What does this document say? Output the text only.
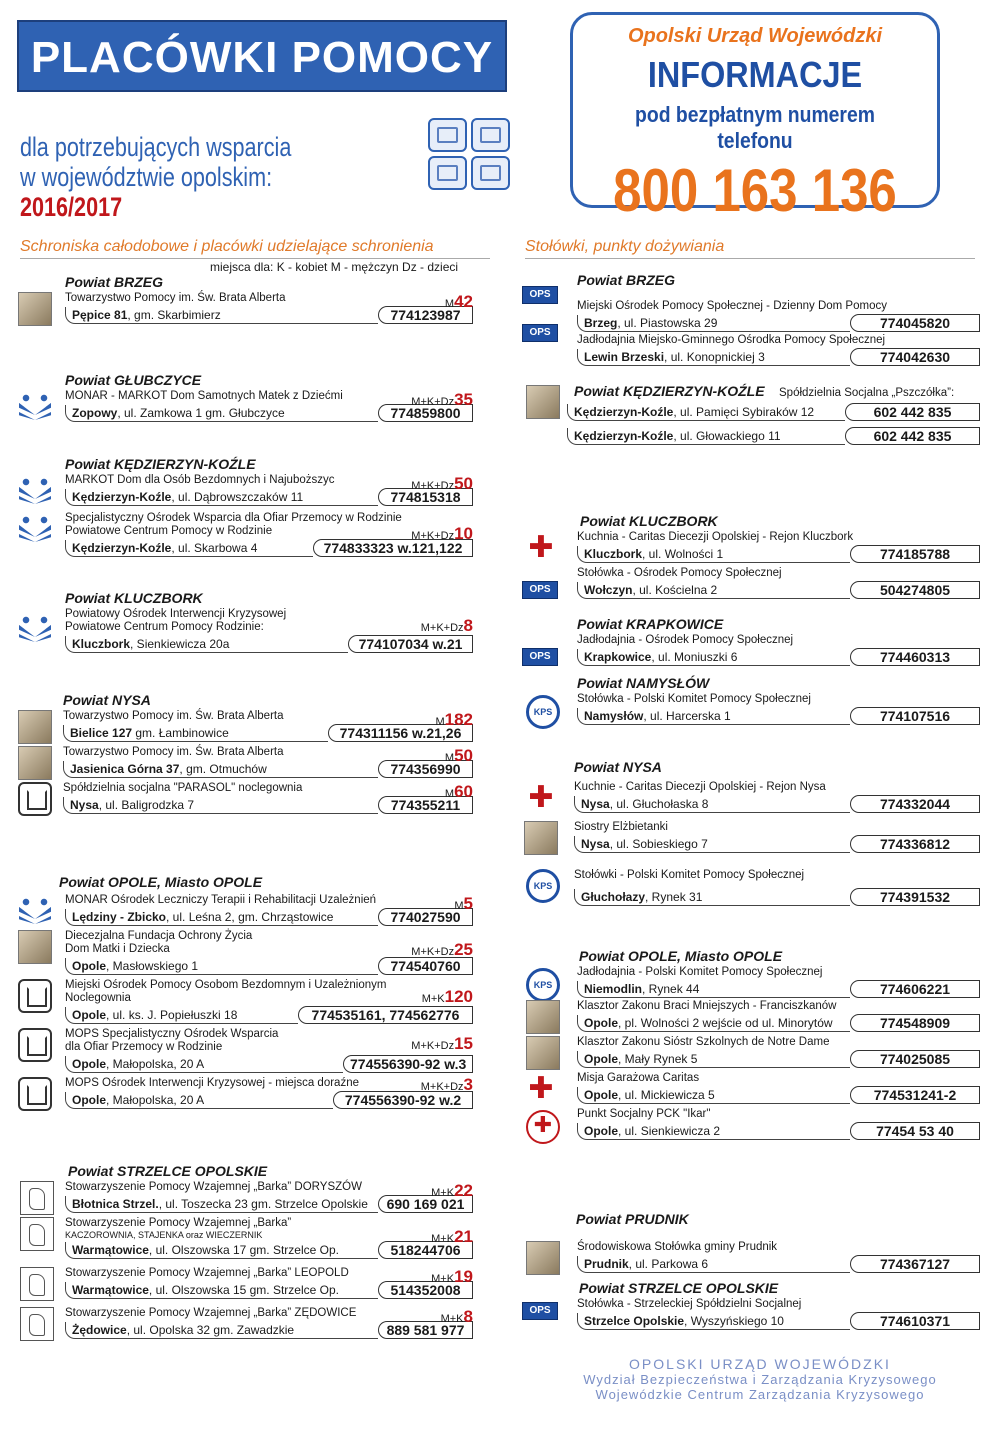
PLACÓWKI POMOCY
dla potrzebujących wsparcia
w województwie opolskim: 2016/2017
Opolski Urząd Wojewódzki
INFORMACJE
pod bezpłatnym numerem telefonu
800 163 136
Schroniska całodobowe i placówki udzielające schronienia
miejsca dla: K - kobiet M - mężczyn Dz - dzieci
Stołówki, punkty dożywiania
Powiat BRZEG
M42
Towarzystwo Pomocy im. Św. Brata Alberta
Pępice 81, gm. Skarbimierz	774123987
Powiat GŁUBCZYCE
M+K+Dz35
MONAR - MARKOT Dom Samotnych Matek z Dziećmi
Zopowy, ul. Zamkowa 1 gm. Głubczyce	774859800
Powiat KĘDZIERZYN-KOŹLE
M+K+Dz50
MARKOT Dom dla Osób Bezdomnych i Najuboższyc
Kędzierzyn-Koźle, ul. Dąbrowszczaków 11	774815318
M+K+Dz10
Specjalistyczny Ośrodek Wsparcia dla Ofiar Przemocy w Rodzinie
Powiatowe Centrum Pomocy w Rodzinie
Kędzierzyn-Koźle, ul. Skarbowa 4	774833323 w.121,122
Powiat KLUCZBORK
M+K+Dz8
Powiatowy Ośrodek Interwencji Kryzysowej
Powiatowe Centrum Pomocy Rodzinie:
Kluczbork, Sienkiewicza 20a	774107034 w.21
Powiat NYSA
M182
Towarzystwo Pomocy im. Św. Brata Alberta
Bielice 127 gm. Łambinowice	774311156 w.21,26
M50
Towarzystwo Pomocy im. Św. Brata Alberta
Jasienica Górna 37, gm. Otmuchów	774356990
M60
Spółdzielnia socjalna "PARASOL" noclegownia
Nysa, ul. Baligrodzka 7	774355211
Powiat OPOLE, Miasto OPOLE
M5
MONAR Ośrodek Leczniczy Terapii i Rehabilitacji Uzależnień
Lędziny - Zbicko, ul. Leśna 2, gm. Chrząstowice	774027590
M+K+Dz25
Diecezjalna Fundacja Ochrony Życia
Dom Matki i Dziecka
Opole, Masłowskiego 1	774540760
M+K120
Miejski Ośrodek Pomocy Osobom Bezdomnym i Uzależnionym
Noclegownia
Opole, ul. ks. J. Popiełuszki 18	774535161, 774562776
M+K+Dz15
MOPS Specjalistyczny Ośrodek Wsparcia
dla Ofiar Przemocy w Rodzinie
Opole, Małopolska, 20 A	774556390-92 w.3
M+K+Dz3
MOPS Ośrodek Interwencji Kryzysowej - miejsca doraźne
Opole, Małopolska, 20 A	774556390-92 w.2
Powiat STRZELCE OPOLSKIE
M+K22
Stowarzyszenie Pomocy Wzajemnej „Barka” DORYSZÓW
Błotnica Strzel., ul. Toszecka 23 gm. Strzelce Opolskie	690 169 021
M+K21
Stowarzyszenie Pomocy Wzajemnej „Barka”
KACZOROWNIA, STAJENKA oraz WIECZERNIK
Warmątowice, ul. Olszowska 17 gm. Strzelce Op.	518244706
M+K19
Stowarzyszenie Pomocy Wzajemnej „Barka” LEOPOLD
Warmątowice, ul. Olszowska 15 gm. Strzelce Op.	514352008
M+K8
Stowarzyszenie Pomocy Wzajemnej „Barka” ZĘDOWICE
Żędowice, ul. Opolska 32 gm. Zawadzkie	889 581 977
Powiat BRZEG
OPS
Miejski Ośrodek Pomocy Społecznej - Dzienny Dom Pomocy
Brzeg, ul. Piastowska 29	774045820
OPS
Jadłodajnia Miejsko-Gminnego Ośrodka Pomocy Społecznej
Lewin Brzeski, ul. Konopnickiej 3	774042630
Powiat KĘDZIERZYN-KOŹLE Spółdzielnia Socjalna „Pszczółka”:
Kędzierzyn-Koźle, ul. Pamięci Sybiraków 12	602 442 835
Kędzierzyn-Koźle, ul. Głowackiego 11	602 442 835
Powiat KLUCZBORK
✚	Kuchnia - Caritas Diecezji Opolskiej - Rejon Kluczbork
Kluczbork, ul. Wolności 1	774185788
OPS
Stołówka - Ośrodek Pomocy Społecznej
Wołczyn, ul. Kościelna 2	504274805
Powiat KRAPKOWICE
OPS
Jadłodajnia - Ośrodek Pomocy Społecznej
Krapkowice, ul. Moniuszki 6	774460313
Powiat NAMYSŁÓW
KPS
Stołówka - Polski Komitet Pomocy Społecznej
Namysłów, ul. Harcerska 1	774107516
Powiat NYSA
✚	Kuchnie - Caritas Diecezji Opolskiej - Rejon Nysa
Nysa, ul. Głuchołaska 8	774332044
Siostry Elżbietanki
Nysa, ul. Sobieskiego 7	774336812
KPS
Stołówki - Polski Komitet Pomocy Społecznej
Głuchołazy, Rynek 31	774391532
Powiat OPOLE, Miasto OPOLE
KPS
Jadłodajnia - Polski Komitet Pomocy Społecznej
Niemodlin, Rynek 44	774606221
Klasztor Zakonu Braci Mniejszych - Franciszkanów
Opole, pl. Wolności 2 wejście od ul. Minorytów	774548909
Klasztor Zakonu Sióstr Szkolnych de Notre Dame
Opole, Mały Rynek 5	774025085
✚	Misja Garażowa Caritas
Opole, ul. Mickiewicza 5	774531241-2
✚	Punkt Socjalny PCK "Ikar"
Opole, ul. Sienkiewicza 2	77454 53 40
Powiat PRUDNIK
Środowiskowa Stołówka gminy Prudnik
Prudnik, ul. Parkowa 6	774367127
Powiat STRZELCE OPOLSKIE
OPS
Stołówka - Strzeleckiej Spółdzielni Socjalnej
Strzelce Opolskie, Wyszyńskiego 10	774610371
OPOLSKI URZĄD WOJEWÓDZKI
Wydział Bezpieczeństwa i Zarządzania Kryzysowego
Wojewódzkie Centrum Zarządzania Kryzysowego
